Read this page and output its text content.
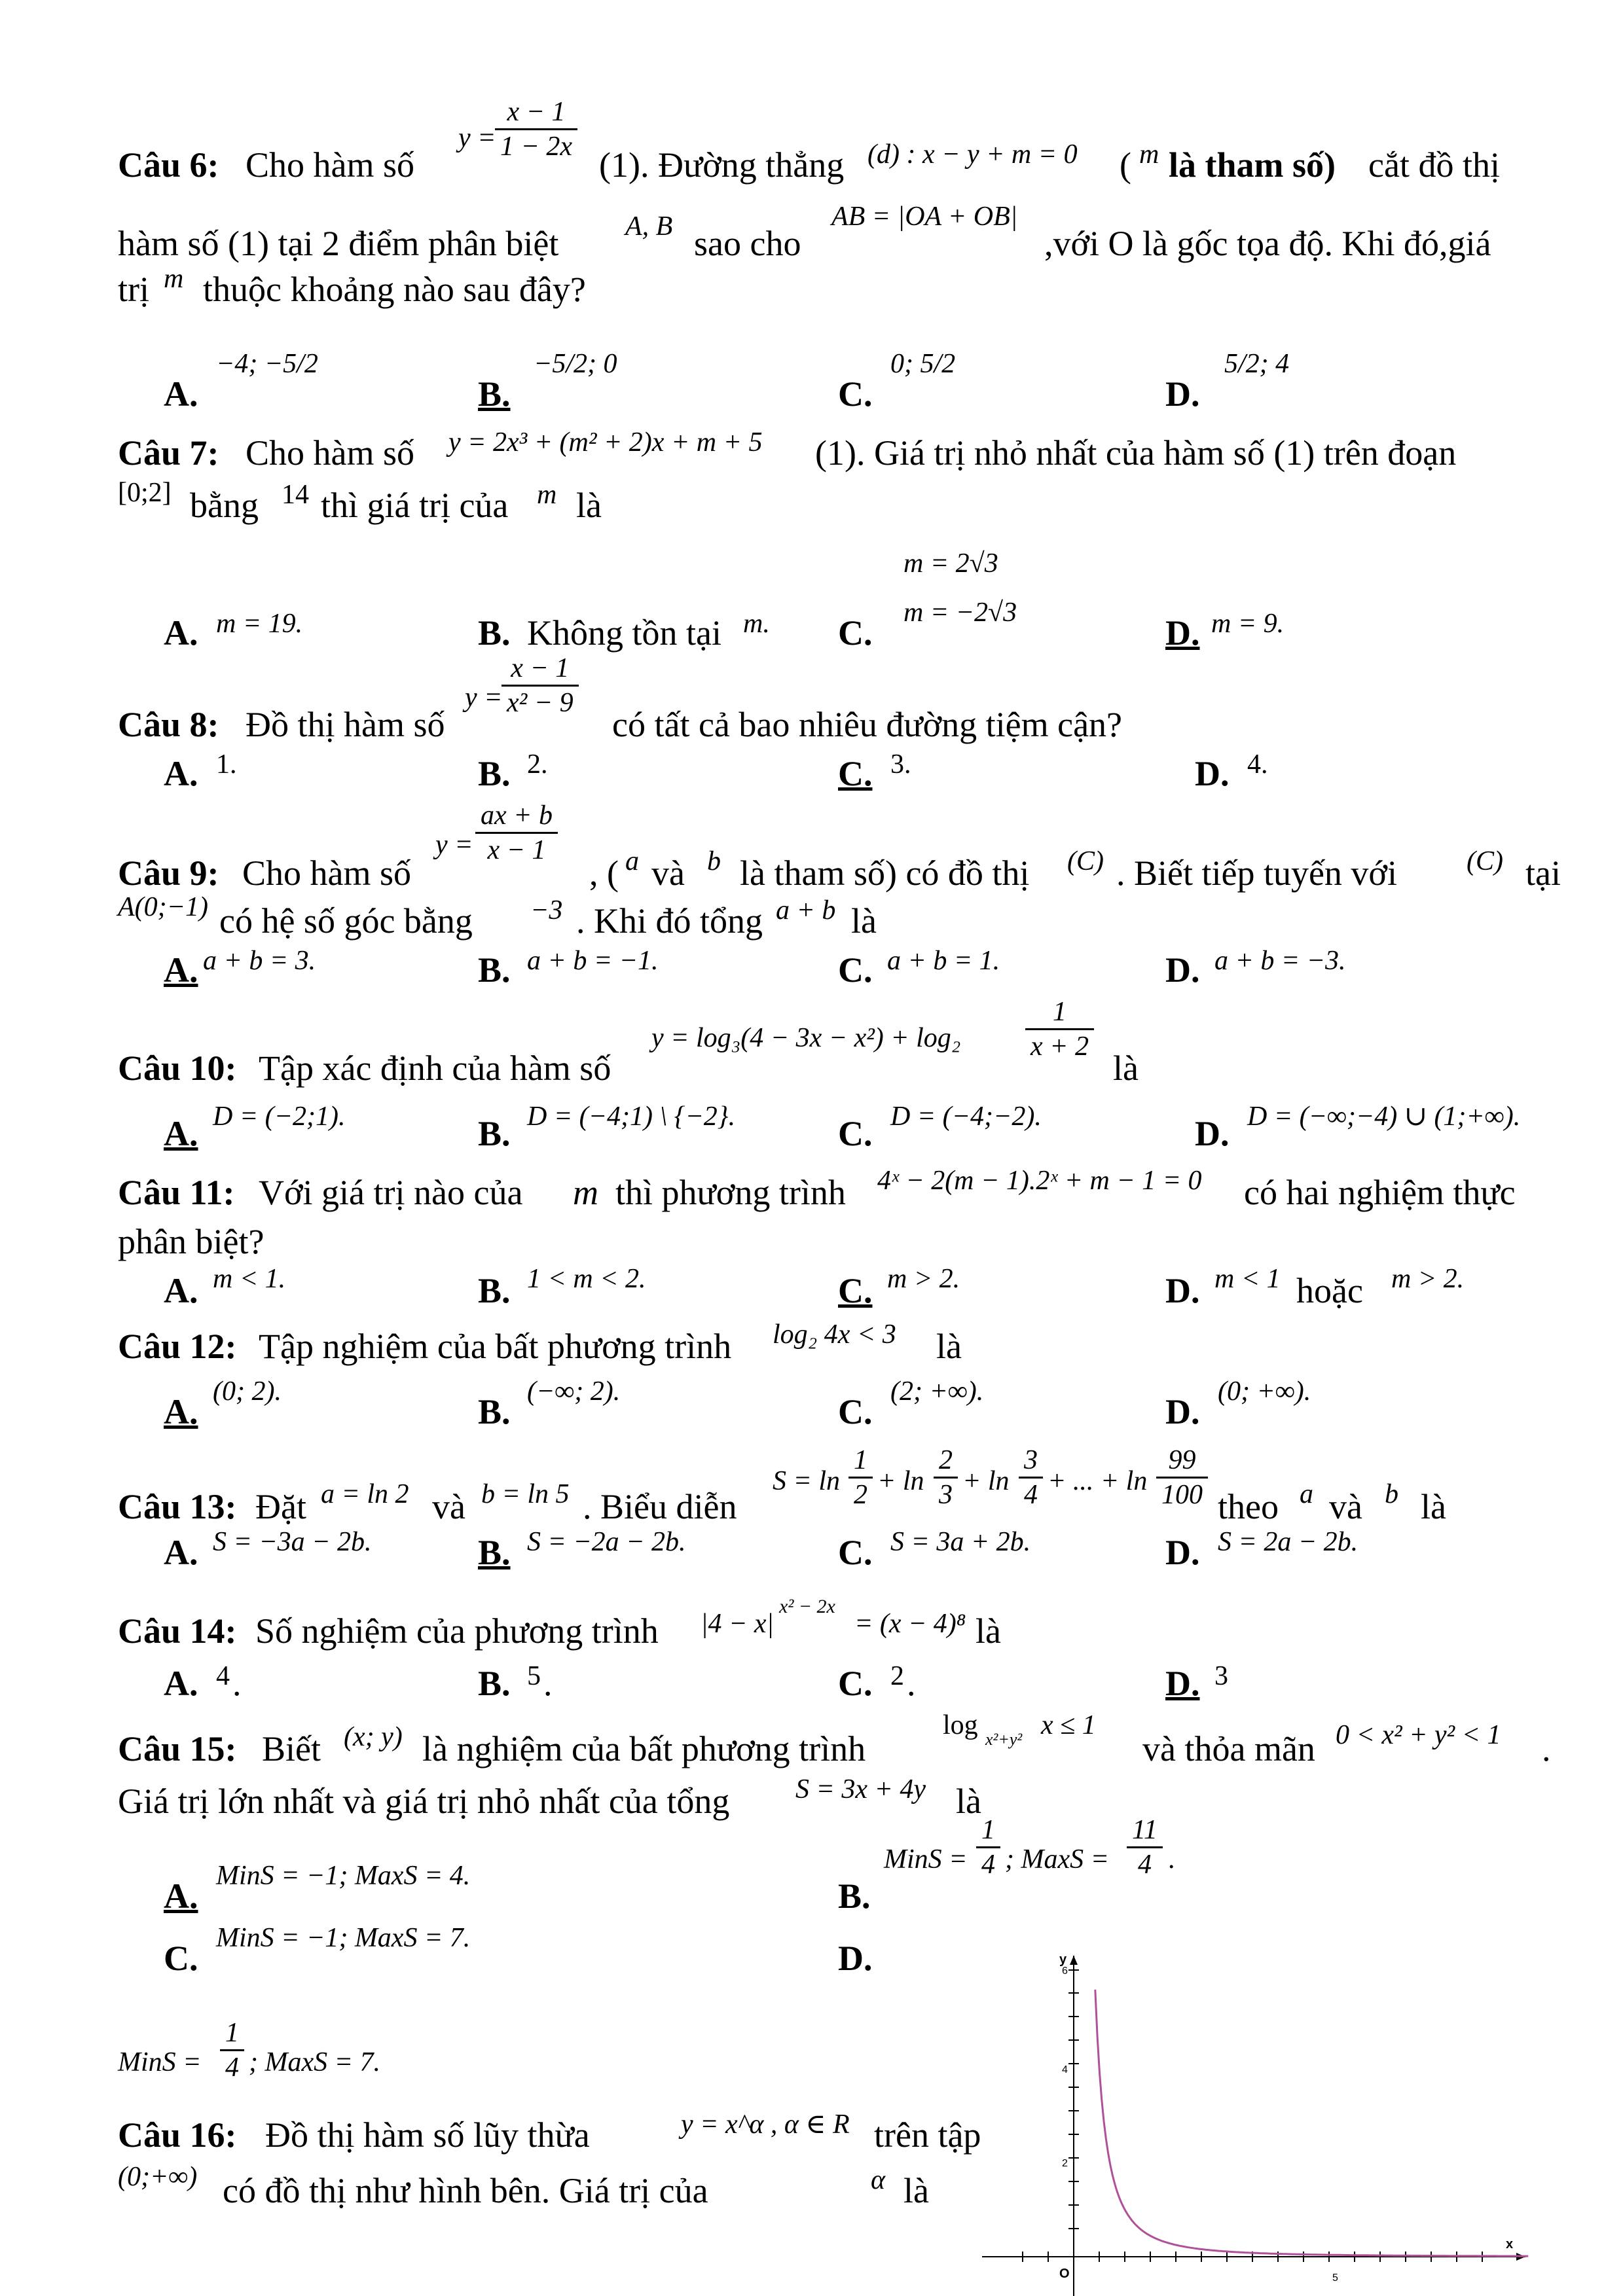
Câu 6: Cho hàm số
y =
$\frac{x - 1}{1 - 2x}$
(1). Đường thẳng (d) : x − y + m = 0 ( m là tham số) cắt đồ thị
hàm số (1) tại 2 điểm phân biệt A, B sao cho
AB = |OA + OB|
,với O là gốc tọa độ. Khi đó,giá
trị m thuộc khoảng nào sau đây?
A.
−4; −5/2
B.
−5/2; 0
C.
0; 5/2
D.
5/2; 4
Câu 7: Cho hàm số y = 2x³ + (m² + 2)x + m + 5 (1). Giá trị nhỏ nhất của hàm số (1) trên đoạn
[0;2] bằng 14 thì giá trị của m là
A. m = 19.	B. Không tồn tại m. C.
m = 2√3
m = −2√3
D. m = 9.
Câu 8: Đồ thị hàm số
y =
$\frac{x - 1}{\text{x² − 9}}$
có tất cả bao nhiêu đường tiệm cận?
A. 1.	B. 2.	C. 3.	D. 4.
Câu 9: Cho hàm số
$y = \frac{ax + b}{x - 1}$
, ( a và b là tham số) có đồ thị (C) . Biết tiếp tuyến với	(C) tại
A(0;−1) có hệ số góc bằng −3 . Khi đó tổng a + b là
A. a + b = 3.	B. a + b = −1.	C. a + b = 1.	D. a + b = −3.
Câu 10: Tập xác định của hàm số
$y = \log_3(4 - 3x - x^2) + \log_2 \frac{1}{x + 2}$
là
A. D = (−2;1).	B. D = (−4;1) \ {−2}.	C. D = (−4;−2).	D. D = (−∞;−4) ∪ (1;+∞).
Câu 11: Với giá trị nào của m thì phương trình 4ˣ − 2(m − 1).2ˣ + m − 1 = 0 có hai nghiệm thực
phân biệt?
A. m < 1.	B. 1 < m < 2.	C. m > 2.	D. m < 1 hoặc m > 2.
Câu 12: Tập nghiệm của bất phương trình log₂ 4x < 3 là
A.
(0; 2).
B.
(−∞; 2).
C.
(2; +∞).
D.
(0; +∞).
Câu 13: Đặt a = ln 2 và b = ln 5 . Biểu diễn
$S = \ln \frac{1}{2} + \ln \frac{2}{3} + \ln \frac{3}{4}$ + ... + $\ln \frac{99}{100}$ theo a và b là
A. S = −3a − 2b.	B. S = −2a − 2b.	C. S = 3a + 2b.	D. S = 2a − 2b.
Câu 14: Số nghiệm của phương trình |4 − x|
x² − 2x
= (x − 4)⁸ là
A. 4 .	B. 5 .	C. 2 .	D. 3
Câu 15: Biết (x; y) là nghiệm của bất phương trình
log x²+y² x ≤ 1
và thỏa mãn 0 < x² + y² < 1 .
Giá trị lớn nhất và giá trị nhỏ nhất của tổng S = 3x + 4y là
A.
MinS = −1; MaxS = 4.
B.
MinS = $\frac{1}{4}$ ; MaxS = $\frac{11}{4}$ .
C.
MinS = −1; MaxS = 7.
D.
MinS = $\frac{1}{4}$ ; MaxS = 7.
Câu 16: Đồ thị hàm số lũy thừa	y = x^α , α ∈ R trên tập
(0;+∞) có đồ thị như hình bên. Giá trị của	α là
y
x
O
6
4
2
5
